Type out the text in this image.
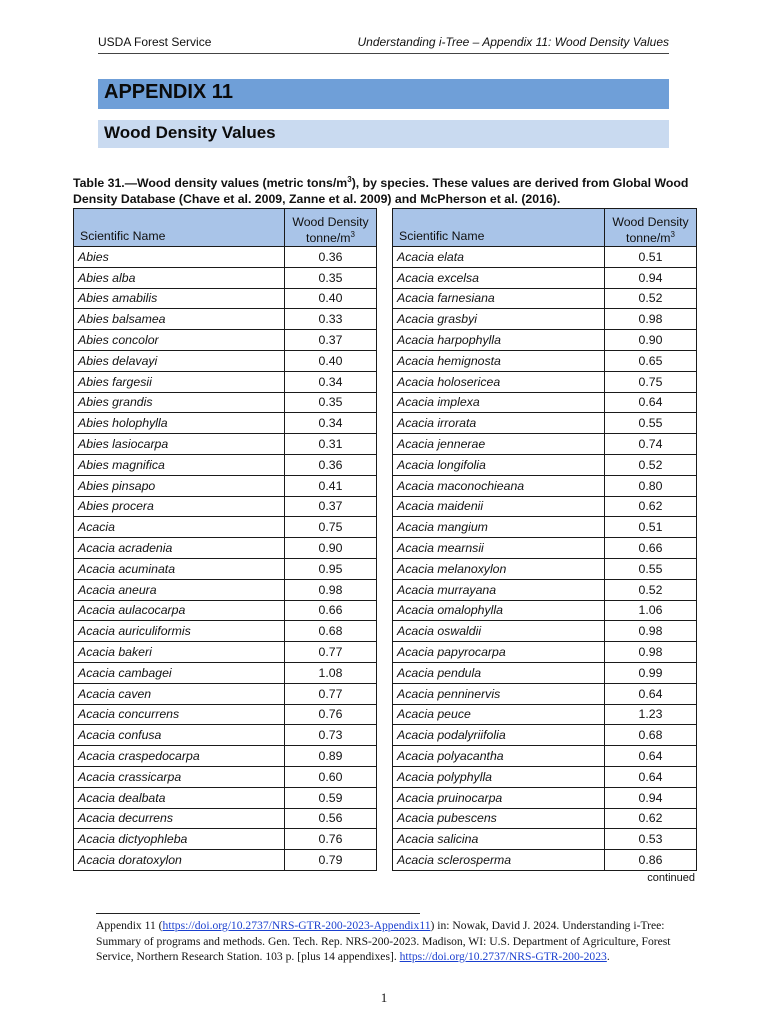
USDA Forest Service	Understanding i-Tree – Appendix 11: Wood Density Values
APPENDIX 11
Wood Density Values
Table 31.—Wood density values (metric tons/$m^3$), by species. These values are derived from Global Wood Density Database (Chave et al. 2009, Zanne et al. 2009) and McPherson et al. (2016).
Scientific Name	Wood Density
tonne/$m^3$
Abies	0.36
Abies alba	0.35
Abies amabilis	0.40
Abies balsamea	0.33
Abies concolor	0.37
Abies delavayi	0.40
Abies fargesii	0.34
Abies grandis	0.35
Abies holophylla	0.34
Abies lasiocarpa	0.31
Abies magnifica	0.36
Abies pinsapo	0.41
Abies procera	0.37
Acacia	0.75
Acacia acradenia	0.90
Acacia acuminata	0.95
Acacia aneura	0.98
Acacia aulacocarpa	0.66
Acacia auriculiformis	0.68
Acacia bakeri	0.77
Acacia cambagei	1.08
Acacia caven	0.77
Acacia concurrens	0.76
Acacia confusa	0.73
Acacia craspedocarpa	0.89
Acacia crassicarpa	0.60
Acacia dealbata	0.59
Acacia decurrens	0.56
Acacia dictyophleba	0.76
Acacia doratoxylon	0.79
Scientific Name	Wood Density
tonne/$m^3$
Acacia elata	0.51
Acacia excelsa	0.94
Acacia farnesiana	0.52
Acacia grasbyi	0.98
Acacia harpophylla	0.90
Acacia hemignosta	0.65
Acacia holosericea	0.75
Acacia implexa	0.64
Acacia irrorata	0.55
Acacia jennerae	0.74
Acacia longifolia	0.52
Acacia maconochieana	0.80
Acacia maidenii	0.62
Acacia mangium	0.51
Acacia mearnsii	0.66
Acacia melanoxylon	0.55
Acacia murrayana	0.52
Acacia omalophylla	1.06
Acacia oswaldii	0.98
Acacia papyrocarpa	0.98
Acacia pendula	0.99
Acacia penninervis	0.64
Acacia peuce	1.23
Acacia podalyriifolia	0.68
Acacia polyacantha	0.64
Acacia polyphylla	0.64
Acacia pruinocarpa	0.94
Acacia pubescens	0.62
Acacia salicina	0.53
Acacia sclerosperma	0.86
continued
Appendix 11 (https://doi.org/10.2737/NRS-GTR-200-2023-Appendix11) in: Nowak, David J. 2024. Understanding i-Tree: Summary of programs and methods. Gen. Tech. Rep. NRS-200-2023. Madison, WI: U.S. Department of Agriculture, Forest Service, Northern Research Station. 103 p. [plus 14 appendixes]. https://doi.org/10.2737/NRS-GTR-200-2023.
1
